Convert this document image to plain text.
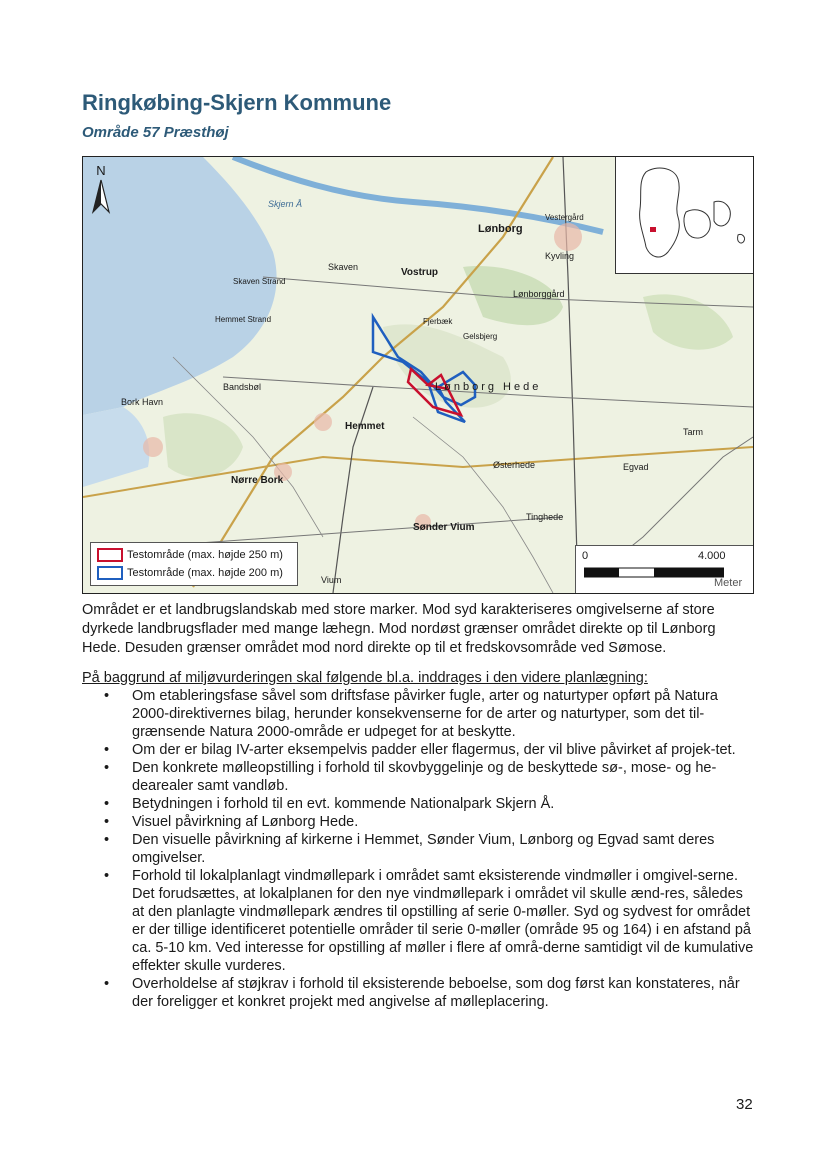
Ringkøbing-Skjern Kommune
Område 57 Præsthøj
N
Skjern Å
Skaven
Skaven Strand
Vostrup
Lønborg
Lønborggård
Vestergård
Kyvling
Hemmet Strand	Fjerbæk
Gelsbjerg
Bandsbøl	Lønborg Hede
Bork Havn
Hemmet
Østerhede
Nørre Bork
Tinghede
Sønder Vium
Vium
Egvad
Tarm
Testområde (max. højde 250 m)
Testområde (max. højde 200 m)
0	4.000
Meter

Området er et landbrugslandskab med store marker. Mod syd karakteriseres omgivelserne af store dyrkede landbrugsflader med mange læhegn. Mod nordøst grænser området direkte op til Lønborg Hede. Desuden grænser området mod nord direkte op til et fredskovsområde ved Sømose.

På baggrund af miljøvurderingen skal følgende bl.a. inddrages i den videre planlægning:
• Om etableringsfase såvel som driftsfase påvirker fugle, arter og naturtyper opført på Natura 2000-direktivernes bilag, herunder konsekvenserne for de arter og naturtyper, som det til-grænsende Natura 2000-område er udpeget for at beskytte.
• Om der er bilag IV-arter eksempelvis padder eller flagermus, der vil blive påvirket af projek-tet.
• Den konkrete mølleopstilling i forhold til skovbyggelinje og de beskyttede sø-, mose- og he-dearealer samt vandløb.
• Betydningen i forhold til en evt. kommende Nationalpark Skjern Å.
• Visuel påvirkning af Lønborg Hede.
• Den visuelle påvirkning af kirkerne i Hemmet, Sønder Vium, Lønborg og Egvad samt deres omgivelser.
• Forhold til lokalplanlagt vindmøllepark i området samt eksisterende vindmøller i omgivel-serne. Det forudsættes, at lokalplanen for den nye vindmøllepark i området vil skulle ænd-res, således at den planlagte vindmøllepark ændres til opstilling af serie 0-møller. Syd og sydvest for området er der tillige identificeret potentielle områder til serie 0-møller (område 95 og 164) i en afstand på ca. 5-10 km. Ved interesse for opstilling af møller i flere af områ-derne samtidigt vil de kumulative effekter skulle vurderes.
• Overholdelse af støjkrav i forhold til eksisterende beboelse, som dog først kan konstateres, når der foreligger et konkret projekt med angivelse af mølleplacering.
32
